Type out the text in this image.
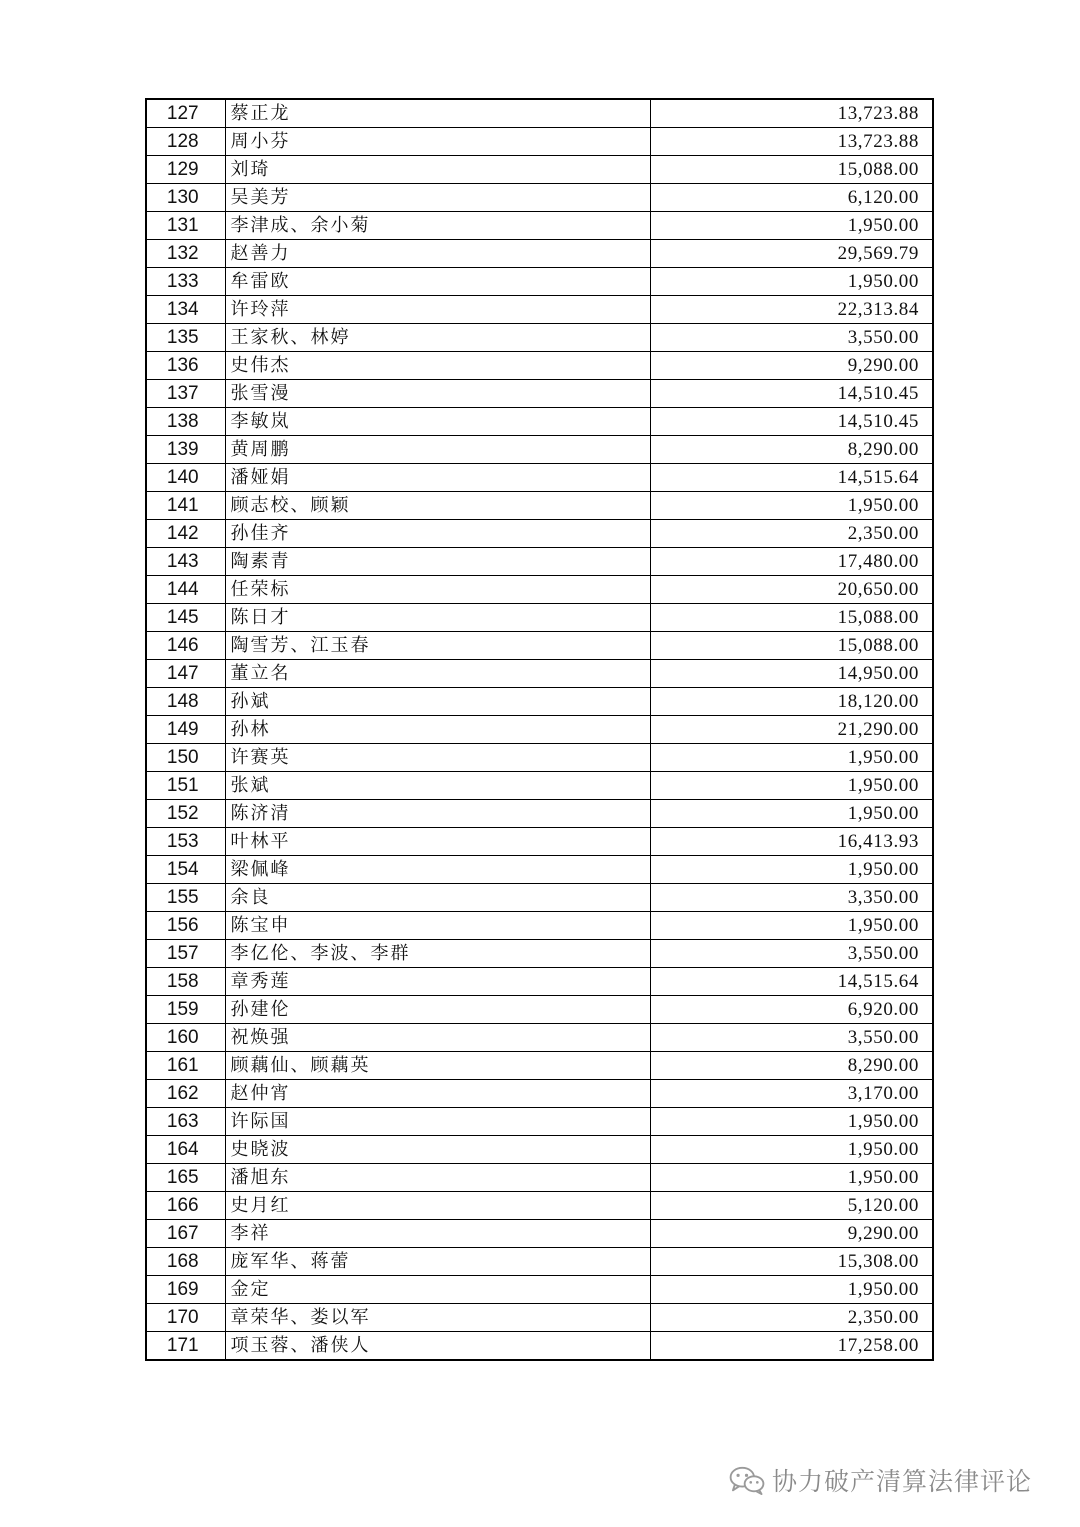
127	蔡正龙	13,723.88
128	周小芬	13,723.88
129	刘琦	15,088.00
130	吴美芳	6,120.00
131	李津成、余小菊	1,950.00
132	赵善力	29,569.79
133	牟雷欧	1,950.00
134	许玲萍	22,313.84
135	王家秋、林婷	3,550.00
136	史伟杰	9,290.00
137	张雪漫	14,510.45
138	李敏岚	14,510.45
139	黄周鹏	8,290.00
140	潘娅娟	14,515.64
141	顾志校、顾颖	1,950.00
142	孙佳齐	2,350.00
143	陶素青	17,480.00
144	任荣标	20,650.00
145	陈日才	15,088.00
146	陶雪芳、江玉春	15,088.00
147	董立名	14,950.00
148	孙斌	18,120.00
149	孙林	21,290.00
150	许赛英	1,950.00
151	张斌	1,950.00
152	陈济清	1,950.00
153	叶林平	16,413.93
154	梁佩峰	1,950.00
155	余良	3,350.00
156	陈宝申	1,950.00
157	李亿伦、李波、李群	3,550.00
158	章秀莲	14,515.64
159	孙建伦	6,920.00
160	祝焕强	3,550.00
161	顾藕仙、顾藕英	8,290.00
162	赵仲宵	3,170.00
163	许际国	1,950.00
164	史晓波	1,950.00
165	潘旭东	1,950.00
166	史月红	5,120.00
167	李祥	9,290.00
168	庞军华、蒋蕾	15,308.00
169	金定	1,950.00
170	章荣华、娄以军	2,350.00
171	项玉蓉、潘侠人	17,258.00
协力破产清算法律评论
